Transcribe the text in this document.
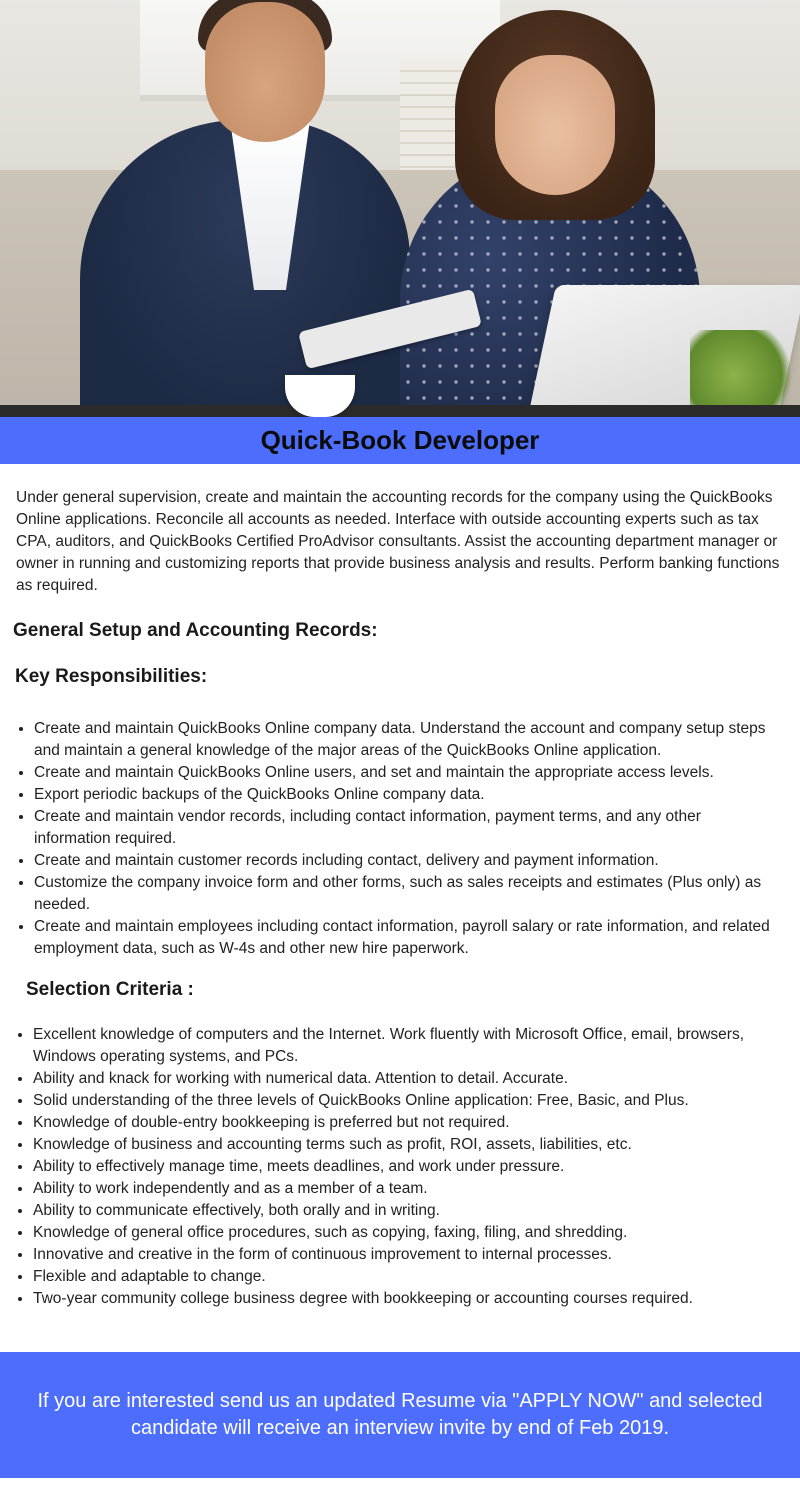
Quick-Book Developer

Under general supervision, create and maintain the accounting records for the company using the QuickBooks Online applications. Reconcile all accounts as needed. Interface with outside accounting experts such as tax CPA, auditors, and QuickBooks Certified ProAdvisor consultants. Assist the accounting department manager or owner in running and customizing reports that provide business analysis and results. Perform banking functions as required.

General Setup and Accounting Records:
Key Responsibilities:
• Create and maintain QuickBooks Online company data. Understand the account and company setup steps and maintain a general knowledge of the major areas of the QuickBooks Online application.
• Create and maintain QuickBooks Online users, and set and maintain the appropriate access levels.
• Export periodic backups of the QuickBooks Online company data.
• Create and maintain vendor records, including contact information, payment terms, and any other information required.
• Create and maintain customer records including contact, delivery and payment information.
• Customize the company invoice form and other forms, such as sales receipts and estimates (Plus only) as needed.
• Create and maintain employees including contact information, payroll salary or rate information, and related employment data, such as W-4s and other new hire paperwork.
Selection Criteria :
• Excellent knowledge of computers and the Internet. Work fluently with Microsoft Office, email, browsers, Windows operating systems, and PCs.
• Ability and knack for working with numerical data. Attention to detail. Accurate.
• Solid understanding of the three levels of QuickBooks Online application: Free, Basic, and Plus.
• Knowledge of double-entry bookkeeping is preferred but not required.
• Knowledge of business and accounting terms such as profit, ROI, assets, liabilities, etc.
• Ability to effectively manage time, meets deadlines, and work under pressure.
• Ability to work independently and as a member of a team.
• Ability to communicate effectively, both orally and in writing.
• Knowledge of general office procedures, such as copying, faxing, filing, and shredding.
• Innovative and creative in the form of continuous improvement to internal processes.
• Flexible and adaptable to change.
• Two-year community college business degree with bookkeeping or accounting courses required.

If you are interested send us an updated Resume via "APPLY NOW" and selected candidate will receive an interview invite by end of Feb 2019.
